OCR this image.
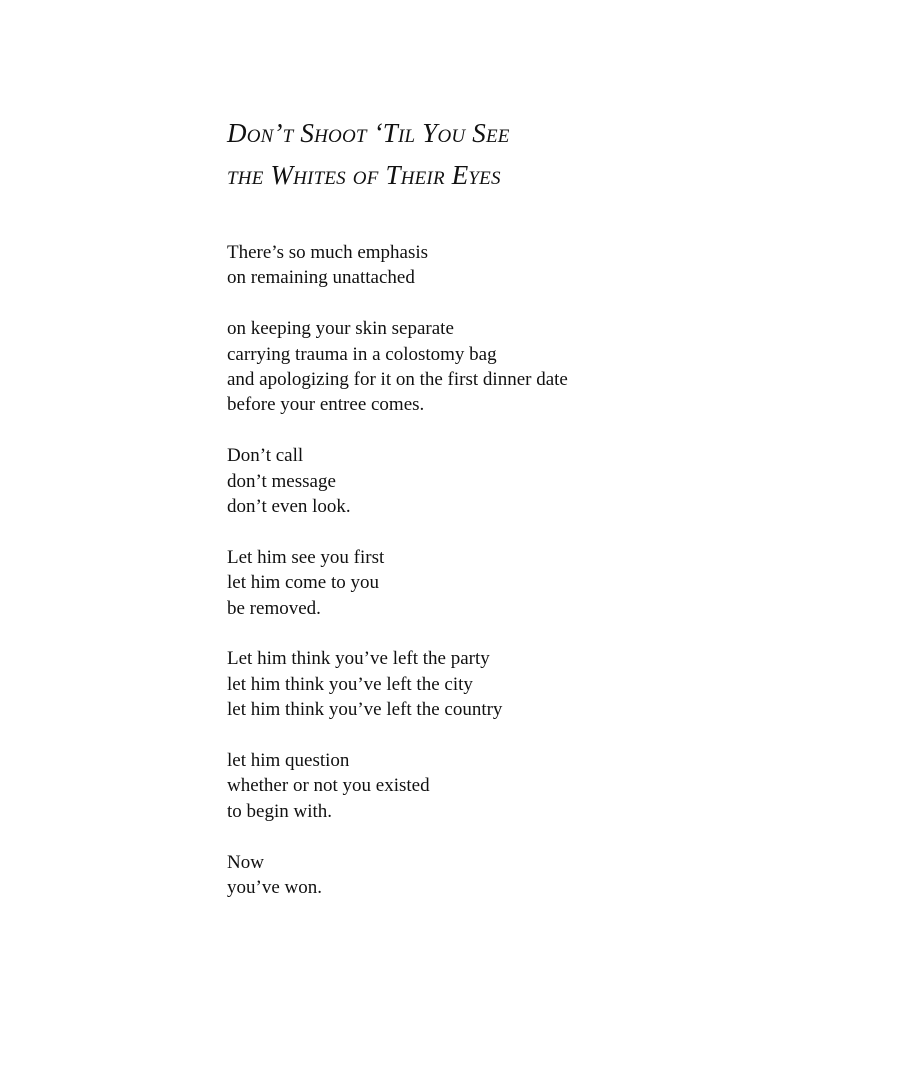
Don’t Shoot ‘Til You See
the Whites of Their Eyes
There’s so much emphasis
on remaining unattached
on keeping your skin separate
carrying trauma in a colostomy bag
and apologizing for it on the first dinner date
before your entree comes.
Don’t call
don’t message
don’t even look.
Let him see you first
let him come to you
be removed.
Let him think you’ve left the party
let him think you’ve left the city
let him think you’ve left the country
let him question
whether or not you existed
to begin with.
Now
you’ve won.
